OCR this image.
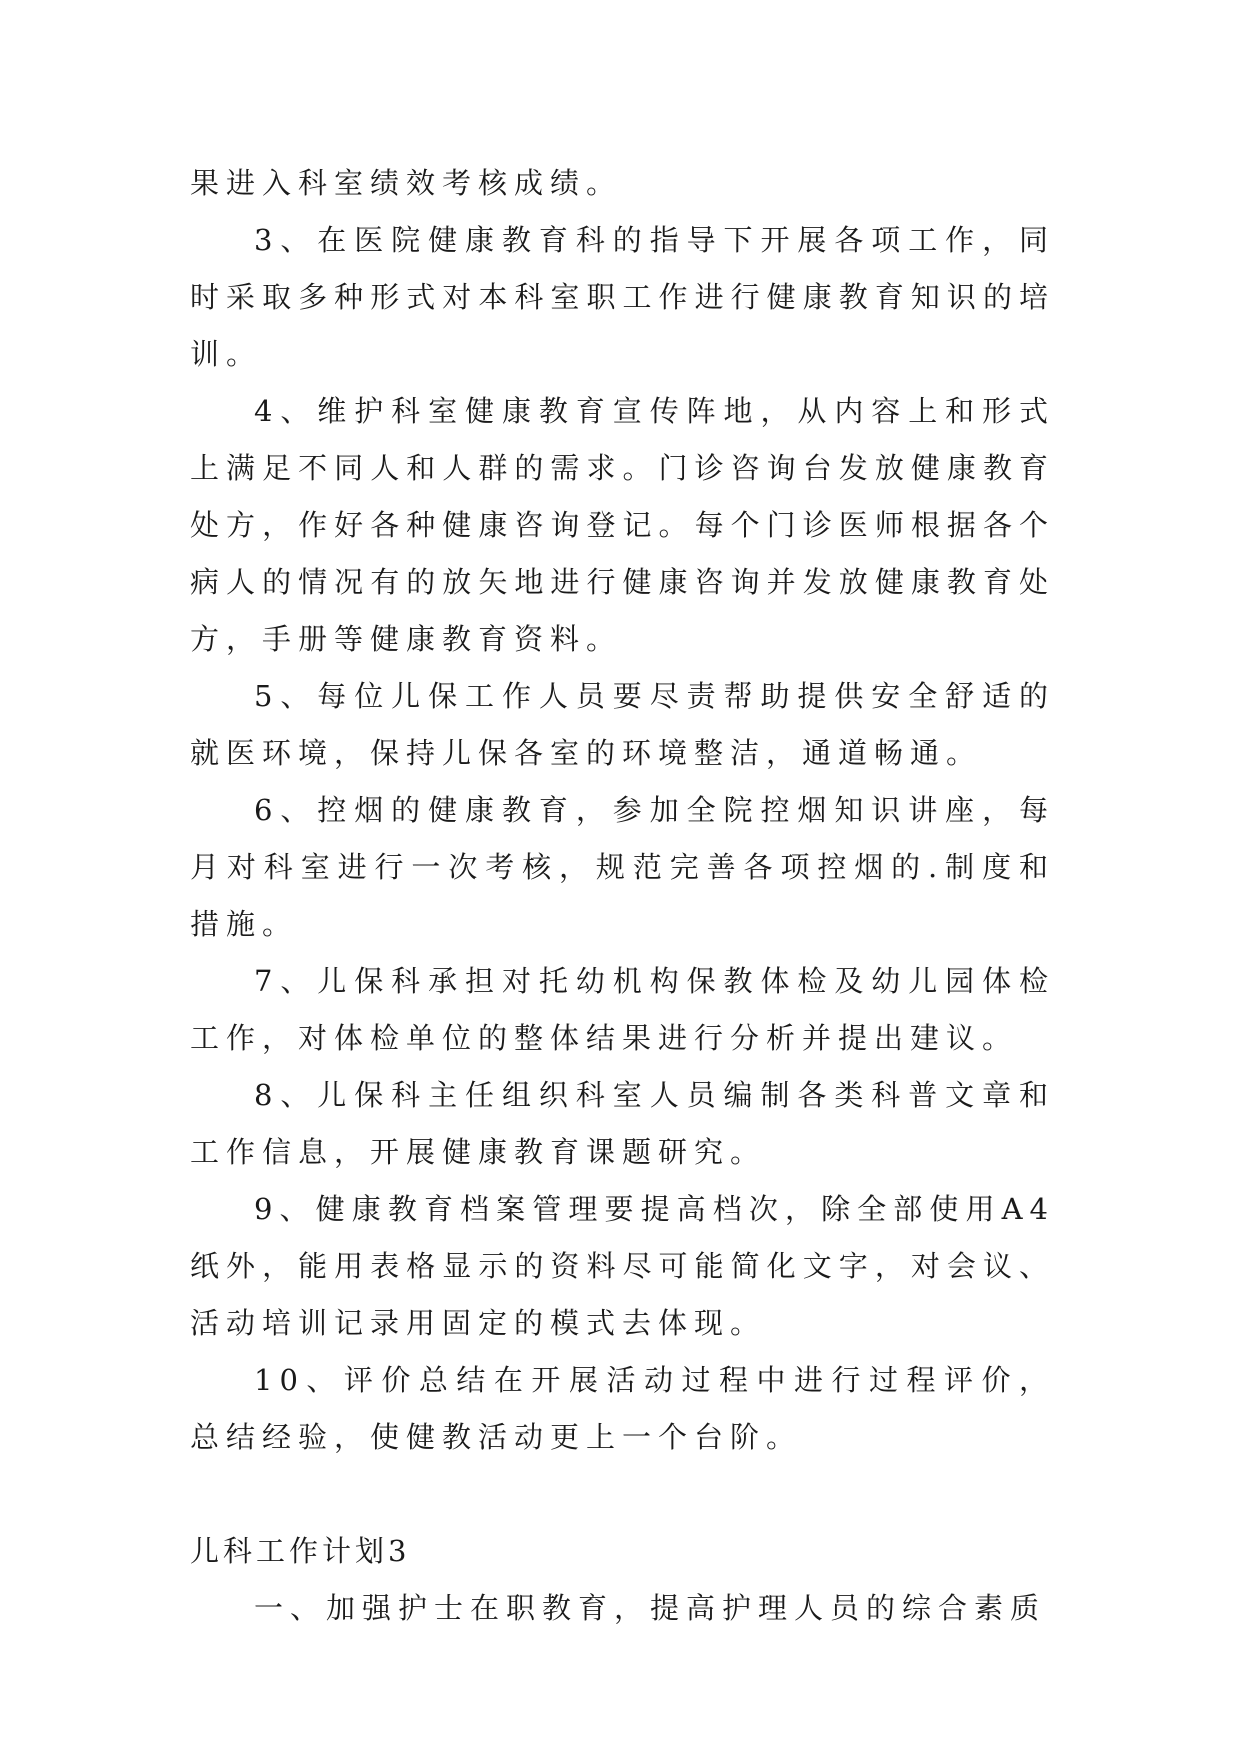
果进入科室绩效考核成绩。

3、在医院健康教育科的指导下开展各项工作，同时采取多种形式对本科室职工作进行健康教育知识的培训。

4、维护科室健康教育宣传阵地，从内容上和形式上满足不同人和人群的需求。门诊咨询台发放健康教育处方，作好各种健康咨询登记。每个门诊医师根据各个病人的情况有的放矢地进行健康咨询并发放健康教育处方，手册等健康教育资料。

5、每位儿保工作人员要尽责帮助提供安全舒适的就医环境，保持儿保各室的环境整洁，通道畅通。

6、控烟的健康教育，参加全院控烟知识讲座，每月对科室进行一次考核，规范完善各项控烟的.制度和措施。

7、儿保科承担对托幼机构保教体检及幼儿园体检工作，对体检单位的整体结果进行分析并提出建议。

8、儿保科主任组织科室人员编制各类科普文章和工作信息，开展健康教育课题研究。

9、健康教育档案管理要提高档次，除全部使用A4纸外，能用表格显示的资料尽可能简化文字，对会议、活动培训记录用固定的模式去体现。

10、评价总结在开展活动过程中进行过程评价，总结经验，使健教活动更上一个台阶。

儿科工作计划3

一、加强护士在职教育，提高护理人员的综合素质
